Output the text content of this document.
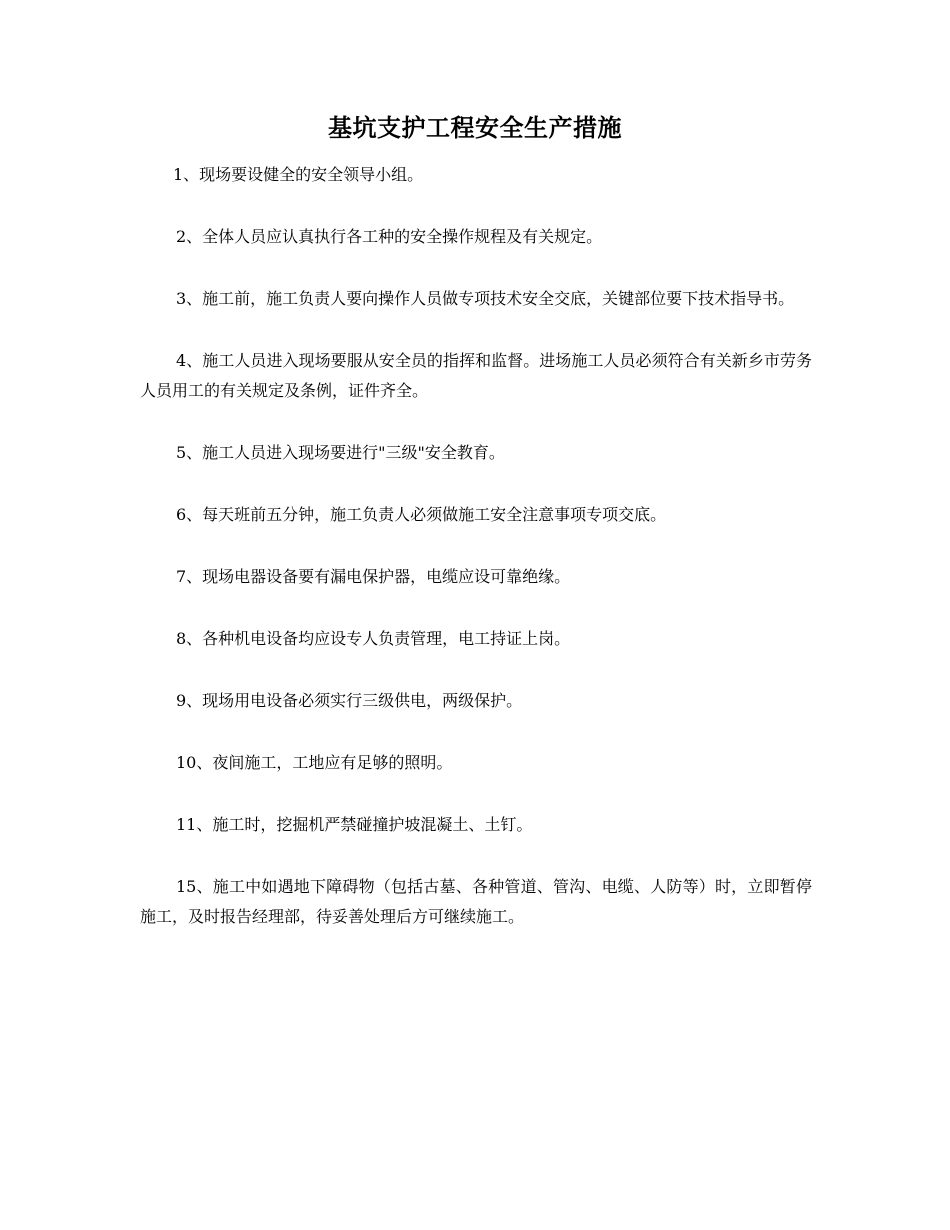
基坑支护工程安全生产措施

1、现场要设健全的安全领导小组。

2、全体人员应认真执行各工种的安全操作规程及有关规定。

3、施工前，施工负责人要向操作人员做专项技术安全交底，关键部位要下技术指导书。

4、施工人员进入现场要服从安全员的指挥和监督。进场施工人员必须符合有关新乡市劳务人员用工的有关规定及条例，证件齐全。

5、施工人员进入现场要进行"三级"安全教育。

6、每天班前五分钟，施工负责人必须做施工安全注意事项专项交底。

7、现场电器设备要有漏电保护器，电缆应设可靠绝缘。

8、各种机电设备均应设专人负责管理，电工持证上岗。

9、现场用电设备必须实行三级供电，两级保护。

10、夜间施工，工地应有足够的照明。

11、施工时，挖掘机严禁碰撞护坡混凝土、土钉。

15、施工中如遇地下障碍物（包括古墓、各种管道、管沟、电缆、人防等）时，立即暂停施工，及时报告经理部，待妥善处理后方可继续施工。
